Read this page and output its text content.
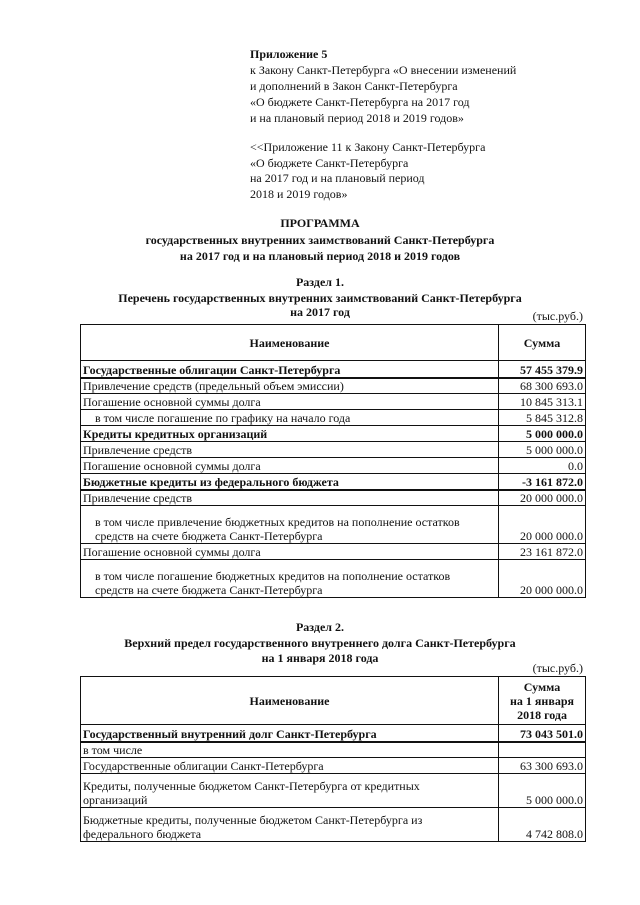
Приложение 5
к Закону Санкт-Петербурга «О внесении изменений
и дополнений в Закон Санкт-Петербурга
«О бюджете Санкт-Петербурга на 2017 год
и на плановый период 2018 и 2019 годов»
<<Приложение 11 к Закону Санкт-Петербурга
«О бюджете Санкт-Петербурга
на 2017 год и на плановый период
2018 и 2019 годов»
ПРОГРАММА
государственных внутренних заимствований Санкт-Петербурга
на 2017 год и на плановый период 2018 и 2019 годов
Раздел 1.
Перечень государственных внутренних заимствований Санкт-Петербурга
на 2017 год	(тыс.руб.)
Наименование	Сумма
Государственные облигации Санкт-Петербурга	57 455 379.9
Привлечение средств (предельный объем эмиссии)	68 300 693.0
Погашение основной суммы долга	10 845 313.1
в том числе погашение по графику на начало года	5 845 312.8
Кредиты кредитных организаций	5 000 000.0
Привлечение средств	5 000 000.0
Погашение основной суммы долга	0.0
Бюджетные кредиты из федерального бюджета	-3 161 872.0
Привлечение средств	20 000 000.0

в том числе привлечение бюджетных кредитов на пополнение остатков
средств на счете бюджета Санкт-Петербурга	20 000 000.0
Погашение основной суммы долга	23 161 872.0

в том числе погашение бюджетных кредитов на пополнение остатков
средств на счете бюджета Санкт-Петербурга	20 000 000.0
Раздел 2.
Верхний предел государственного внутреннего долга Санкт-Петербурга
на 1 января 2018 года
(тыс.руб.)
Наименование	Сумма
на 1 января
2018 года

Государственный внутренний долг Санкт-Петербурга	73 043 501.0
в том числе	
Государственные облигации Санкт-Петербурга	63 300 693.0

Кредиты, полученные бюджетом Санкт-Петербурга от кредитных
организаций	5 000 000.0

Бюджетные кредиты, полученные бюджетом Санкт-Петербурга из
федерального бюджета	4 742 808.0
